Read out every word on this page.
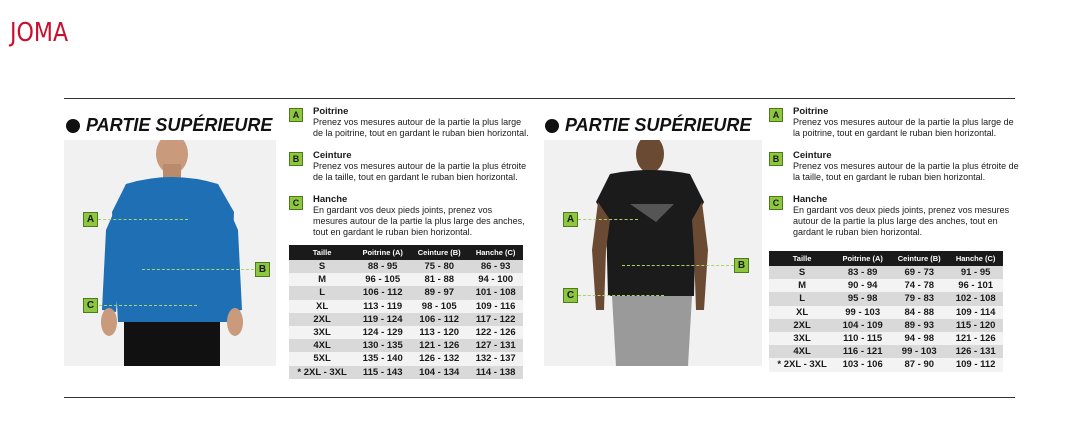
JOMA
PARTIE SUPÉRIEURE
A
B
C
A	Poitrine
Prenez vos mesures autour de la partie la plus large de la poitrine, tout en gardant le ruban bien horizontal.
B	Ceinture
Prenez vos mesures autour de la partie la plus étroite de la taille, tout en gardant le ruban bien horizontal.
C	Hanche
En gardant vos deux pieds joints, prenez vos mesures autour de la partie la plus large des anches, tout en gardant le ruban bien horizontal.
Taille	Poitrine (A)	Ceinture (B)	Hanche (C)
S	88 - 95	75 - 80	86 - 93
M	96 - 105	81 - 88	94 - 100
L	106 - 112	89 - 97	101 - 108
XL	113 - 119	98 - 105	109 - 116
2XL	119 - 124	106 - 112	117 - 122
3XL	124 - 129	113 - 120	122 - 126
4XL	130 - 135	121 - 126	127 - 131
5XL	135 - 140	126 - 132	132 - 137
* 2XL - 3XL	115 - 143	104 - 134	114 - 138
PARTIE SUPÉRIEURE
A
B
C
A	Poitrine
Prenez vos mesures autour de la partie la plus large de la poitrine, tout en gardant le ruban bien horizontal.
B	Ceinture
Prenez vos mesures autour de la partie la plus étroite de la taille, tout en gardant le ruban bien horizontal.
C	Hanche
En gardant vos deux pieds joints, prenez vos mesures autour de la partie la plus large des anches, tout en gardant le ruban bien horizontal.
Taille	Poitrine (A)	Ceinture (B)	Hanche (C)
S	83 - 89	69 - 73	91 - 95
M	90 - 94	74 - 78	96 - 101
L	95 - 98	79 - 83	102 - 108
XL	99 - 103	84 - 88	109 - 114
2XL	104 - 109	89 - 93	115 - 120
3XL	110 - 115	94 - 98	121 - 126
4XL	116 - 121	99 - 103	126 - 131
* 2XL - 3XL	103 - 106	87 - 90	109 - 112
